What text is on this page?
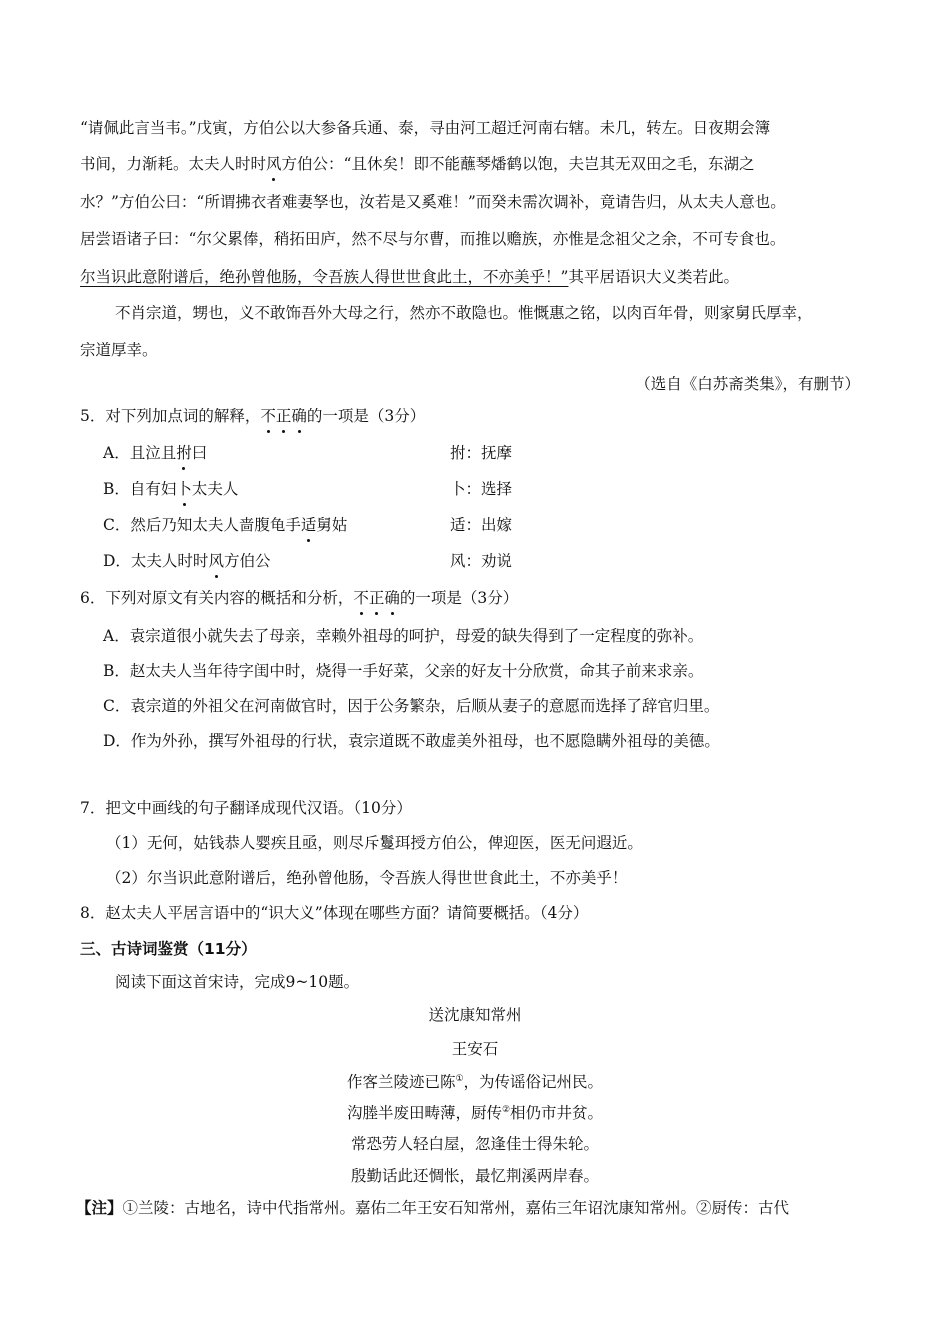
“请佩此言当韦。”戊寅，方伯公以大参备兵通、泰，寻由河工超迁河南右辖。未几，转左。日夜期会簿
书间，力渐耗。太夫人时时风方伯公：“且休矣！即不能蘸琴燔鹤以饱，夫岂其无双田之毛，东湖之
水？”方伯公曰：“所谓拂衣者难妻孥也，汝若是又奚难！”而癸未需次调补，竟请告归，从太夫人意也。
居尝语诸子曰：“尔父累俸，稍拓田庐，然不尽与尔曹，而推以赡族，亦惟是念祖父之余，不可专食也。
尔当识此意附谱后，绝孙曾他肠，令吾族人得世世食此土，不亦美乎！”其平居语识大义类若此。
不肖宗道，甥也，义不敢饰吾外大母之行，然亦不敢隐也。惟慨惠之铭，以肉百年骨，则家舅氏厚幸，
宗道厚幸。
（选自《白苏斋类集》，有删节）
5．对下列加点词的解释，不正确的一项是（3分）
A．且泣且拊曰	拊：抚摩
B．自有妇卜太夫人	卜：选择
C．然后乃知太夫人啬腹龟手适舅姑	适：出嫁
D．太夫人时时风方伯公	风：劝说
6．下列对原文有关内容的概括和分析，不正确的一项是（3分）
A．袁宗道很小就失去了母亲，幸赖外祖母的呵护，母爱的缺失得到了一定程度的弥补。
B．赵太夫人当年待字闺中时，烧得一手好菜，父亲的好友十分欣赏，命其子前来求亲。
C．袁宗道的外祖父在河南做官时，因于公务繁杂，后顺从妻子的意愿而选择了辞官归里。
D．作为外孙，撰写外祖母的行状，袁宗道既不敢虚美外祖母，也不愿隐瞒外祖母的美德。
7．把文中画线的句子翻译成现代汉语。（10分）
（1）无何，姑钱恭人婴疾且亟，则尽斥鬘珥授方伯公，俾迎医，医无问遐近。
（2）尔当识此意附谱后，绝孙曾他肠，令吾族人得世世食此土，不亦美乎！
8．赵太夫人平居言语中的“识大义”体现在哪些方面？请简要概括。（4分）
三、古诗词鉴赏（11分）
阅读下面这首宋诗，完成9~10题。
送沈康知常州
王安石
作客兰陵迹已陈①，为传谣俗记州民。
沟塍半废田畴薄，厨传②相仍市井贫。
常恐劳人轻白屋，忽逢佳士得朱轮。
殷勤话此还惆怅，最忆荆溪两岸春。
【注】①兰陵：古地名，诗中代指常州。嘉佑二年王安石知常州，嘉佑三年诏沈康知常州。②厨传：古代
